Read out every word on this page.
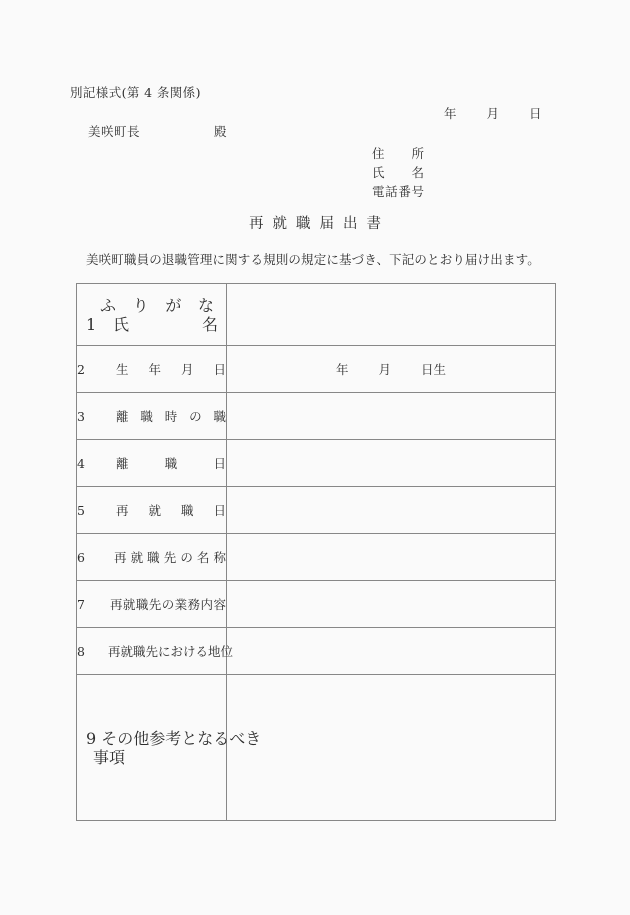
別記様式(第 4 条関係)
年 月 日
美咲町長	殿
住所
氏名
電話番号
再就職届出書
美咲町職員の退職管理に関する規則の規定に基づき、下記のとおり届け出ます。
ふりがな
1 氏名	

2 生年月日	年 月 日生

3 離職時の職	

4 離職日	

5 再就職日	

6 再就職先の名称	

7 再就職先の業務内容	

8 再就職先における地位	

9 その他参考となるべき
事項	
